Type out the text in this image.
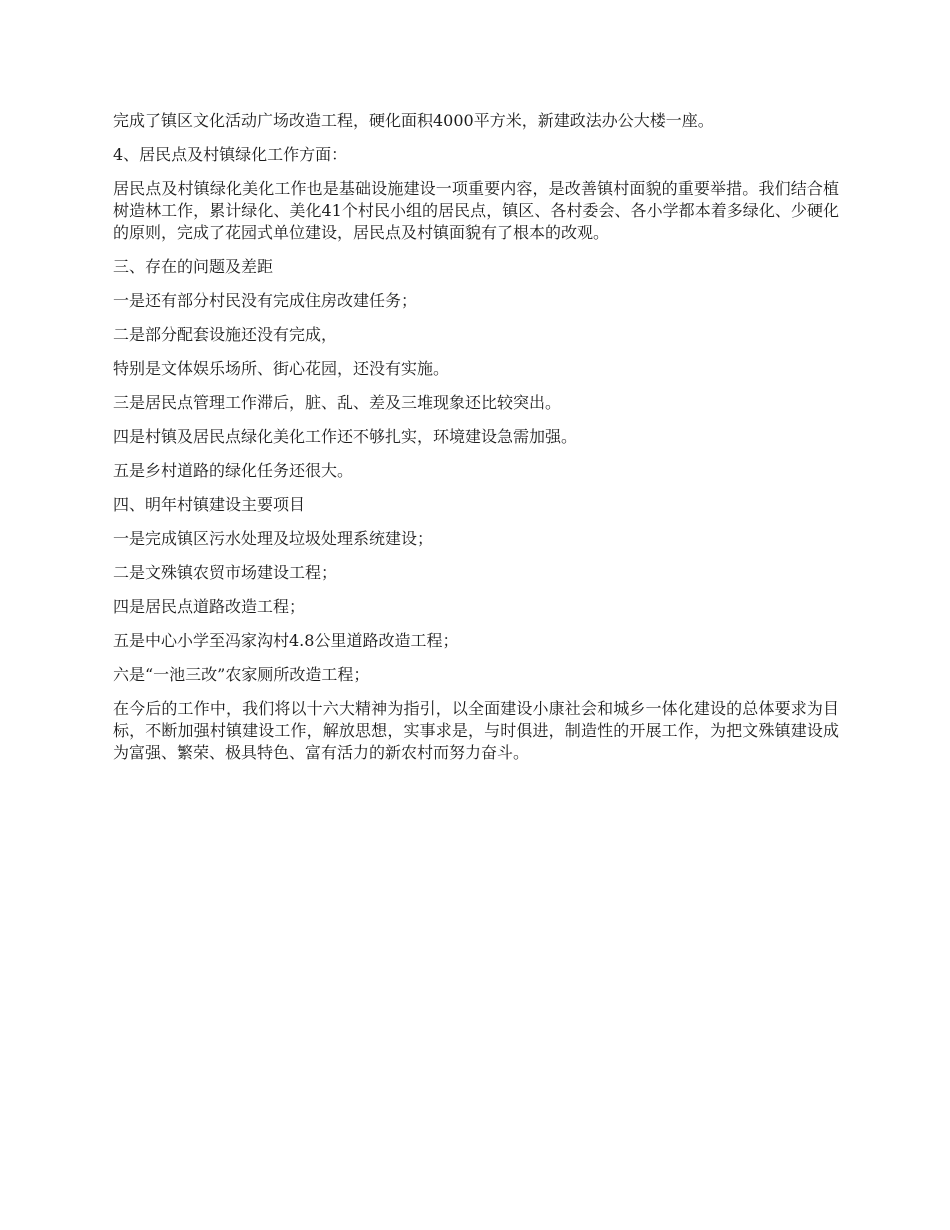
完成了镇区文化活动广场改造工程，硬化面积4000平方米，新建政法办公大楼一座。

4、居民点及村镇绿化工作方面：

居民点及村镇绿化美化工作也是基础设施建设一项重要内容，是改善镇村面貌的重要举措。我们结合植树造林工作，累计绿化、美化41个村民小组的居民点，镇区、各村委会、各小学都本着多绿化、少硬化的原则，完成了花园式单位建设，居民点及村镇面貌有了根本的改观。

三、存在的问题及差距

一是还有部分村民没有完成住房改建任务；

二是部分配套设施还没有完成，

特别是文体娱乐场所、街心花园，还没有实施。

三是居民点管理工作滞后，脏、乱、差及三堆现象还比较突出。

四是村镇及居民点绿化美化工作还不够扎实，环境建设急需加强。

五是乡村道路的绿化任务还很大。

四、明年村镇建设主要项目

一是完成镇区污水处理及垃圾处理系统建设；

二是文殊镇农贸市场建设工程；

四是居民点道路改造工程；

五是中心小学至冯家沟村4.8公里道路改造工程；

六是“一池三改”农家厕所改造工程；

在今后的工作中，我们将以十六大精神为指引，以全面建设小康社会和城乡一体化建设的总体要求为目标，不断加强村镇建设工作，解放思想，实事求是，与时俱进，制造性的开展工作，为把文殊镇建设成为富强、繁荣、极具特色、富有活力的新农村而努力奋斗。
